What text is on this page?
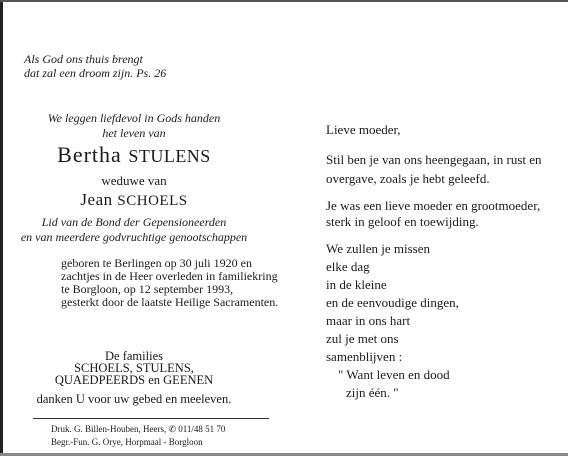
Als God ons thuis brengt
dat zal een droom zijn. Ps. 26
We leggen liefdevol in Gods handen
het leven van
Bertha STULENS
weduwe van
Jean SCHOELS
Lid van de Bond der Gepensioneerden
en van meerdere godvruchtige genootschappen
geboren te Berlingen op 30 juli 1920 en
zachtjes in de Heer overleden in familiekring
te Borgloon, op 12 september 1993,
gesterkt door de laatste Heilige Sacramenten.
De families
SCHOELS, STULENS,
QUAEDPEERDS en GEENEN
danken U voor uw gebed en meeleven.
Druk. G. Billen-Houben, Heers, ✆ 011/48 51 70
Begr.-Fun. G. Orye, Horpmaal - Borgloon
Lieve moeder,
Stil ben je van ons heengegaan, in rust en
overgave, zoals je hebt geleefd.
Je was een lieve moeder en grootmoeder,
sterk in geloof en toewijding.
We zullen je missen
elke dag
in de kleine
en de eenvoudige dingen,
maar in ons hart
zul je met ons
samenblijven :
" Want leven en dood
zijn één. "
